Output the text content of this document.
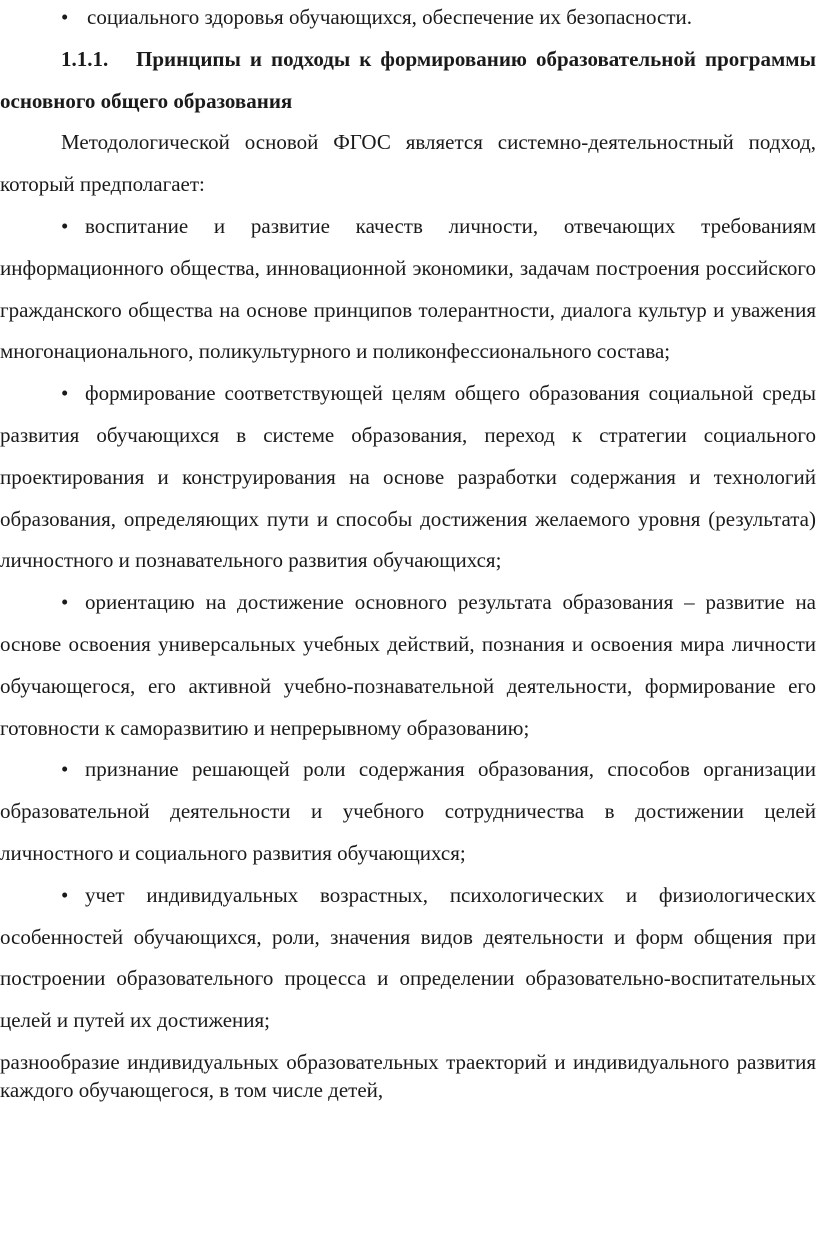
• социального здоровья обучающихся, обеспечение их безопасности.

1.1.1. Принципы и подходы к формированию образовательной программы основного общего образования

Методологической основой ФГОС является системно-деятельностный подход, который предполагает:

• воспитание и развитие качеств личности, отвечающих требованиям информационного общества, инновационной экономики, задачам построения российского гражданского общества на основе принципов толерантности, диалога культур и уважения многонационального, поликультурного и поликонфессионального состава;

• формирование соответствующей целям общего образования социальной среды развития обучающихся в системе образования, переход к стратегии социального проектирования и конструирования на основе разработки содержания и технологий образования, определяющих пути и способы достижения желаемого уровня (результата) личностного и познавательного развития обучающихся;

• ориентацию на достижение основного результата образования – развитие на основе освоения универсальных учебных действий, познания и освоения мира личности обучающегося, его активной учебно-познавательной деятельности, формирование его готовности к саморазвитию и непрерывному образованию;

• признание решающей роли содержания образования, способов организации образовательной деятельности и учебного сотрудничества в достижении целей личностного и социального развития обучающихся;

• учет индивидуальных возрастных, психологических и физиологических особенностей обучающихся, роли, значения видов деятельности и форм общения при построении образовательного процесса и определении образовательно-воспитательных целей и путей их достижения;

разнообразие индивидуальных образовательных траекторий и индивидуального развития каждого обучающегося, в том числе детей,
